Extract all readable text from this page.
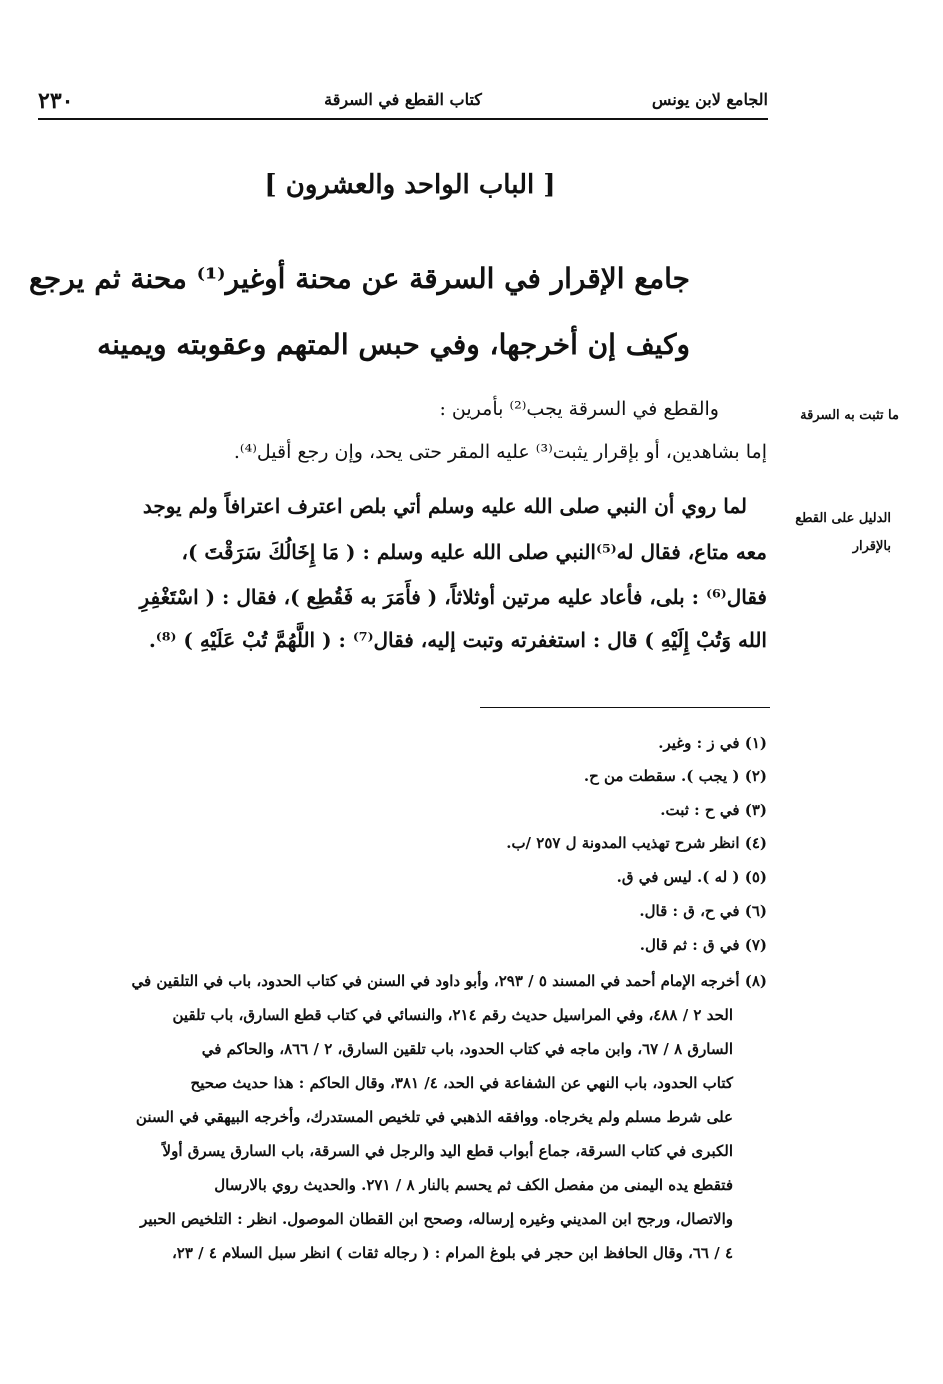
الجامع لابن يونس
كتاب القطع في السرقة
٢٣٠
[ الباب الواحد والعشرون ]
جامع الإقرار في السرقة عن محنة أوغير⁽¹⁾ محنة ثم يرجع
وكيف إن أخرجها، وفي حبس المتهم وعقوبته ويمينه
ما تثبت به السرقة
الدليل على القطع بالإقرار
والقطع في السرقة يجب⁽²⁾ بأمرين :
إما بشاهدين، أو بإقرار يثبت⁽³⁾ عليه المقر حتى يحد، وإن رجع أقيل⁽⁴⁾.
لما روي أن النبي صلى الله عليه وسلم أتي بلص اعترف اعترافاً ولم يوجد
معه متاع، فقال له⁽⁵⁾النبي صلى الله عليه وسلم : ( مَا إِخَالُكَ سَرَقْتَ )،
فقال⁽⁶⁾ : بلى، فأعاد عليه مرتين أوثلاثاً، ( فأَمَرَ به فَقُطِع )، فقال : ( اسْتَغْفِرِ
الله وَتُبْ إِلَيْهِ ) قال : استغفرته وتبت إليه، فقال⁽⁷⁾ : ( اللَّهُمَّ تُبْ عَلَيْهِ ) ⁽⁸⁾.
(١) في ز : وغير.
(٢) ( يجب ). سقطت من ح.
(٣) في ح : ثبت.
(٤) انظر شرح تهذيب المدونة ل ٢٥٧ /ب.
(٥) ( له ). ليس في ق.
(٦) في ح، ق : قال.
(٧) في ق : ثم قال.
(٨) أخرجه الإمام أحمد في المسند ٥ / ٢٩٣، وأبو داود في السنن في كتاب الحدود، باب في التلقين في
الحد ٢ / ٤٨٨، وفي المراسيل حديث رقم ٢١٤، والنسائي في كتاب قطع السارق، باب تلقين
السارق ٨ / ٦٧، وابن ماجه في كتاب الحدود، باب تلقين السارق، ٢ / ٨٦٦، والحاكم في
كتاب الحدود، باب النهي عن الشفاعة في الحد، ٤/ ٣٨١، وقال الحاكم : هذا حديث صحيح
على شرط مسلم ولم يخرجاه. ووافقه الذهبي في تلخيص المستدرك، وأخرجه البيهقي في السنن
الكبرى في كتاب السرقة، جماع أبواب قطع اليد والرجل في السرقة، باب السارق يسرق أولاً
فتقطع يده اليمنى من مفصل الكف ثم يحسم بالنار ٨ / ٢٧١. والحديث روي بالارسال
والاتصال، ورجح ابن المديني وغيره إرساله، وصحح ابن القطان الموصول. انظر : التلخيص الحبير
٤ / ٦٦، وقال الحافظ ابن حجر في بلوغ المرام : ( رجاله ثقات ) انظر سبل السلام ٤ / ٢٣،
